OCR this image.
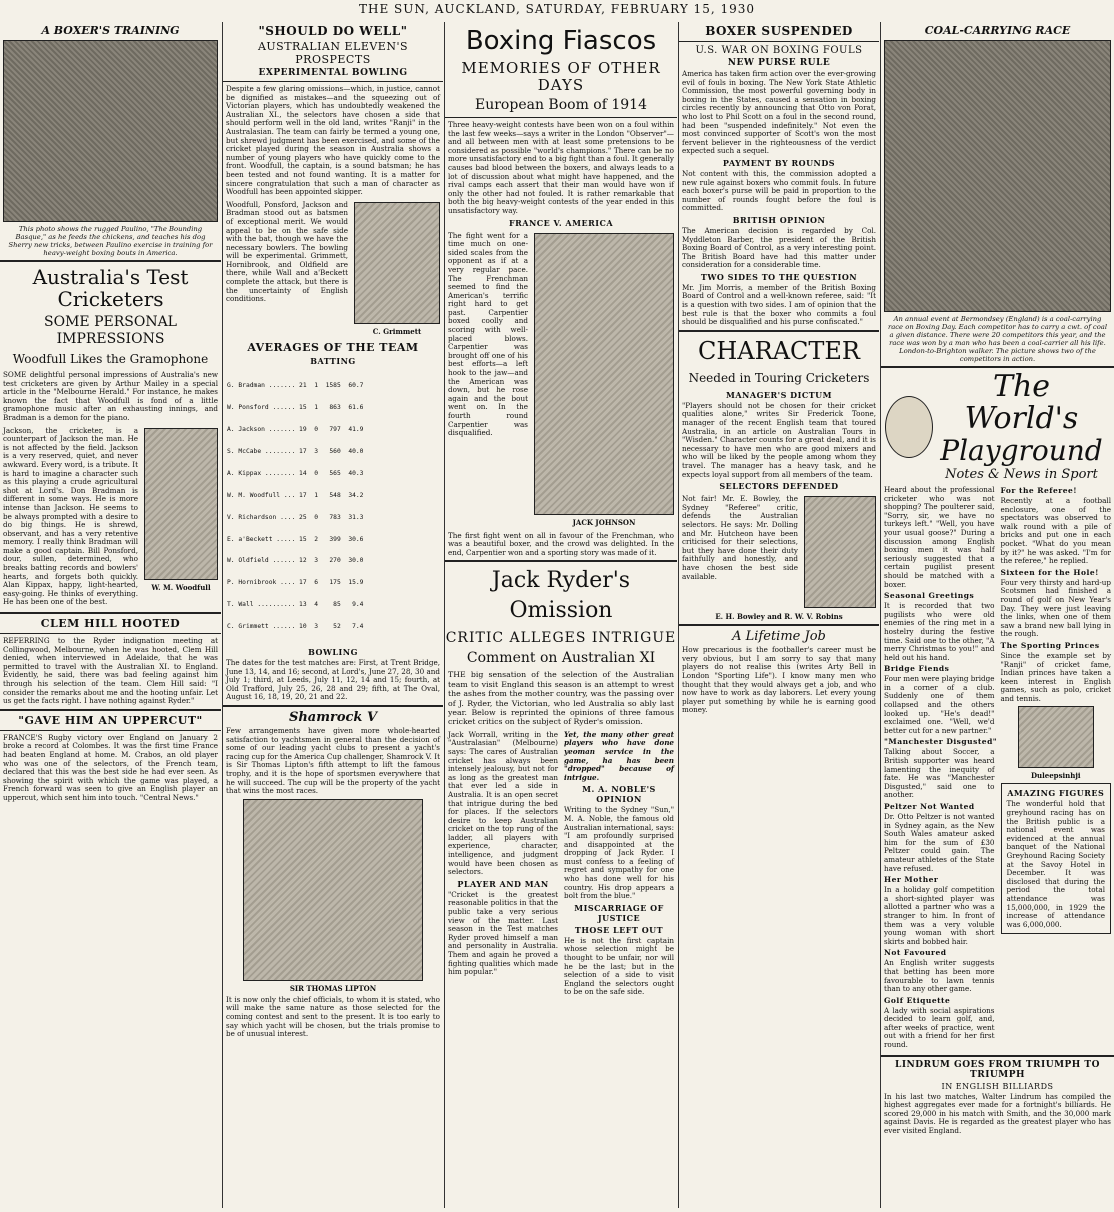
THE SUN, AUCKLAND, SATURDAY, FEBRUARY 15, 1930
A BOXER'S TRAINING
This photo shows the rugged Paulino, "The Bounding Basque," as he feeds the chickens, and teaches his dog Sherry new tricks, between Paulino exercise in training for heavy-weight boxing bouts in America.
Australia's Test Cricketers
SOME PERSONAL IMPRESSIONS
Woodfull Likes the Gramophone
SOME delightful personal impressions of Australia's new test cricketers are given by Arthur Mailey in a special article in the "Melbourne Herald." For instance, he makes known the fact that Woodfull is fond of a little gramophone music after an exhausting innings, and Bradman is a demon for the piano.
Jackson, the cricketer, is a counterpart of Jackson the man. He is not affected by the field. Jackson is a very reserved, quiet, and never awkward. Every word, is a tribute. It is hard to imagine a character such as this playing a crude agricultural shot at Lord's. Don Bradman is different in some ways. He is more intense than Jackson. He seems to be always prompted with a desire to do big things. He is shrewd, observant, and has a very retentive memory. I really think Bradman will make a good captain. Bill Ponsford, dour, sullen, determined, who breaks batting records and bowlers' hearts, and forgets both quickly. Alan Kippax, happy, light-hearted, easy-going. He thinks of everything. He has been one of the best.
W. M. Woodfull
CLEM HILL HOOTED
REFERRING to the Ryder indignation meeting at Collingwood, Melbourne, when he was hooted, Clem Hill denied, when interviewed in Adelaide, that he was permitted to travel with the Australian XI. to England. Evidently, he said, there was bad feeling against him through his selection of the team. Clem Hill said: "I consider the remarks about me and the hooting unfair. Let us get the facts right. I have nothing against Ryder."
"GAVE HIM AN UPPERCUT"
FRANCE'S Rugby victory over England on January 2 broke a record at Colombes. It was the first time France had beaten England at home. M. Crabos, an old player who was one of the selectors, of the French team, declared that this was the best side he had ever seen. As showing the spirit with which the game was played, a French forward was seen to give an English player an uppercut, which sent him into touch. "Central News."
"SHOULD DO WELL"
AUSTRALIAN ELEVEN'S PROSPECTS
EXPERIMENTAL BOWLING
Despite a few glaring omissions—which, in justice, cannot be dignified as mistakes—and the squeezing out of Victorian players, which has undoubtedly weakened the Australian XI., the selectors have chosen a side that should perform well in the old land, writes "Ranji" in the Australasian. The team can fairly be termed a young one, but shrewd judgment has been exercised, and some of the cricket played during the season in Australia shows a number of young players who have quickly come to the front. Woodfull, the captain, is a sound batsman; he has been tested and not found wanting. It is a matter for sincere congratulation that such a man of character as Woodfull has been appointed skipper.
Woodfull, Ponsford, Jackson and Bradman stood out as batsmen of exceptional merit. We would appeal to be on the safe side with the bat, though we have the necessary bowlers. The bowling will be experimental. Grimmett, Hornibrook, and Oldfield are there, while Wall and a'Beckett complete the attack, but there is the uncertainty of English conditions.
C. Grimmett
AVERAGES OF THE TEAM
BATTING

G. Bradman ....... 21  1  1585  60.7

W. Ponsford ...... 15  1   863  61.6

A. Jackson ....... 19  0   797  41.9

S. McCabe ........ 17  3   560  40.0

A. Kippax ........ 14  0   565  40.3

W. M. Woodfull ... 17  1   548  34.2

V. Richardson .... 25  0   783  31.3

E. a'Beckett ..... 15  2   399  30.6

W. Oldfield ...... 12  3   270  30.0

P. Hornibrook .... 17  6   175  15.9

T. Wall .......... 13  4    85   9.4

C. Grimmett ...... 10  3    52   7.4

BOWLING
The dates for the test matches are: First, at Trent Bridge, June 13, 14, and 16; second, at Lord's, June 27, 28, 30 and July 1; third, at Leeds, July 11, 12, 14 and 15; fourth, at Old Trafford, July 25, 26, 28 and 29; fifth, at The Oval, August 16, 18, 19, 20, 21 and 22.
Shamrock V
Few arrangements have given more whole-hearted satisfaction to yachtsmen in general than the decision of some of our leading yacht clubs to present a yacht's racing cup for the America Cup challenger, Shamrock V. It is Sir Thomas Lipton's fifth attempt to lift the famous trophy, and it is the hope of sportsmen everywhere that he will succeed. The cup will be the property of the yacht that wins the most races.
SIR THOMAS LIPTON
It is now only the chief officials, to whom it is stated, who will make the same nature as those selected for the coming contest and sent to the present. It is too early to say which yacht will be chosen, but the trials promise to be of unusual interest.
Boxing Fiascos
MEMORIES OF OTHER DAYS
European Boom of 1914
Three heavy-weight contests have been won on a foul within the last few weeks—says a writer in the London "Observer"—and all between men with at least some pretensions to be considered as possible "world's champions." There can be no more unsatisfactory end to a big fight than a foul. It generally causes bad blood between the boxers, and always leads to a lot of discussion about what might have happened, and the rival camps each assert that their man would have won if only the other had not fouled. It is rather remarkable that both the big heavy-weight contests of the year ended in this unsatisfactory way.
FRANCE V. AMERICA
The fight went for a time much on one-sided scales from the opponent as if at a very regular pace. The Frenchman seemed to find the American's terrific right hard to get past. Carpentier boxed coolly and scoring with well-placed blows. Carpentier was brought off one of his best efforts—a left hook to the jaw—and the American was down, but he rose again and the bout went on. In the fourth round Carpentier was disqualified.
JACK JOHNSON
The first fight went on all in favour of the Frenchman, who was a beautiful boxer, and the crowd was delighted. In the end, Carpentier won and a sporting story was made of it.
Jack Ryder's Omission
CRITIC ALLEGES INTRIGUE
Comment on Australian XI
THE big sensation of the selection of the Australian team to visit England this season is an attempt to wrest the ashes from the mother country, was the passing over of J. Ryder, the Victorian, who led Australia so ably last year. Below is reprinted the opinions of three famous cricket critics on the subject of Ryder's omission.
Jack Worrall, writing in the "Australasian" (Melbourne) says: The cares of Australian cricket has always been intensely jealousy, but not for as long as the greatest man that ever led a side in Australia. It is an open secret that intrigue during the bed for places. If the selectors desire to keep Australian cricket on the top rung of the ladder, all players with experience, character, intelligence, and judgment would have been chosen as selectors.
PLAYER AND MAN
"Cricket is the greatest reasonable politics in that the public take a very serious view of the matter. Last season in the Test matches Ryder proved himself a man and personality in Australia. Them and again he proved a fighting qualities which made him popular."
Yet, the many other great players who have done yeoman service in the game, ha has been "dropped" because of intrigue.
M. A. NOBLE'S OPINION
Writing to the Sydney "Sun," M. A. Noble, the famous old Australian international, says: "I am profoundly surprised and disappointed at the dropping of Jack Ryder. I must confess to a feeling of regret and sympathy for one who has done well for his country. His drop appears a bolt from the blue."
MISCARRIAGE OF JUSTICE
THOSE LEFT OUT
He is not the first captain whose selection might be thought to be unfair, nor will he be the last; but in the selection of a side to visit England the selectors ought to be on the safe side.
BOXER SUSPENDED
U.S. WAR ON BOXING FOULS
NEW PURSE RULE
America has taken firm action over the ever-growing evil of fouls in boxing. The New York State Athletic Commission, the most powerful governing body in boxing in the States, caused a sensation in boxing circles recently by announcing that Otto von Porat, who lost to Phil Scott on a foul in the second round, had been "suspended indefinitely." Not even the most convinced supporter of Scott's won the most fervent believer in the righteousness of the verdict expected such a sequel.
PAYMENT BY ROUNDS
Not content with this, the commission adopted a new rule against boxers who commit fouls. In future each boxer's purse will be paid in proportion to the number of rounds fought before the foul is committed.
BRITISH OPINION
The American decision is regarded by Col. Myddleton Barber, the president of the British Boxing Board of Control, as a very interesting point. The British Board have had this matter under consideration for a considerable time.
TWO SIDES TO THE QUESTION
Mr. Jim Morris, a member of the British Boxing Board of Control and a well-known referee, said: "It is a question with two sides. I am of opinion that the best rule is that the boxer who commits a foul should be disqualified and his purse confiscated."
CHARACTER
Needed in Touring Cricketers
MANAGER'S DICTUM
"Players should not be chosen for their cricket qualities alone," writes Sir Frederick Toone, manager of the recent English team that toured Australia, in an article on Australian Tours in "Wisden." Character counts for a great deal, and it is necessary to have men who are good mixers and who will be liked by the people among whom they travel. The manager has a heavy task, and he expects loyal support from all members of the team.
SELECTORS DEFENDED
Not fair! Mr. E. Bowley, the Sydney "Referee" critic, defends the Australian selectors. He says: Mr. Dolling and Mr. Hutcheon have been criticised for their selections, but they have done their duty faithfully and honestly, and have chosen the best side available.
E. H. Bowley and R. W. V. Robins
A Lifetime Job
How precarious is the footballer's career must be very obvious, but I am sorry to say that many players do not realise this (writes Arty Bell in London "Sporting Life"). I know many men who thought that they would always get a job, and who now have to work as day laborers. Let every young player put something by while he is earning good money.
COAL-CARRYING RACE
An annual event at Bermondsey (England) is a coal-carrying race on Boxing Day. Each competitor has to carry a cwt. of coal a given distance. There were 20 competitors this year, and the race was won by a man who has been a coal-carrier all his life. London-to-Brighton walker. The picture shows two of the competitors in action.
The World's
Playground
Notes & News in Sport
Heard about the professional cricketer who was not shopping? The poulterer said, "Sorry, sir, we have no turkeys left." "Well, you have your usual goose?" During a discussion among English boxing men it was half seriously suggested that a certain pugilist present should be matched with a boxer.
Seasonal Greetings
It is recorded that two pugilists who were old enemies of the ring met in a hostelry during the festive time. Said one to the other, "A merry Christmas to you!" and held out his hand.
Bridge Fiends
Four men were playing bridge in a corner of a club. Suddenly one of them collapsed and the others looked up. "He's dead!" exclaimed one. "Well, we'd better cut for a new partner."
"Manchester Disgusted"
Talking about Soccer, a British supporter was heard lamenting the inequity of fate. He was "Manchester Disgusted," said one to another.
Peltzer Not Wanted
Dr. Otto Peltzer is not wanted in Sydney again, as the New South Wales amateur asked him for the sum of £30 Peltzer could gain. The amateur athletes of the State have refused.
Her Mother
In a holiday golf competition a short-sighted player was allotted a partner who was a stranger to him. In front of them was a very voluble young woman with short skirts and bobbed hair.
Not Favoured
An English writer suggests that betting has been more favourable to lawn tennis than to any other game.
Golf Etiquette
A lady with social aspirations decided to learn golf, and, after weeks of practice, went out with a friend for her first round.
For the Referee!
Recently at a football enclosure, one of the spectators was observed to walk round with a pile of bricks and put one in each pocket. "What do you mean by it?" he was asked. "I'm for the referee," he replied.
Sixteen for the Hole!
Four very thirsty and hard-up Scotsmen had finished a round of golf on New Year's Day. They were just leaving the links, when one of them saw a brand new ball lying in the rough.
The Sporting Princes
Since the example set by "Ranji" of cricket fame, Indian princes have taken a keen interest in English games, such as polo, cricket and tennis.
Duleepsinhji
AMAZING FIGURES
The wonderful hold that greyhound racing has on the British public is a national event was evidenced at the annual banquet of the National Greyhound Racing Society at the Savoy Hotel in December. It was disclosed that during the period the total attendance was 15,000,000, in 1929 the increase of attendance was 6,000,000.
LINDRUM GOES FROM TRIUMPH TO TRIUMPH
IN ENGLISH BILLIARDS
In his last two matches, Walter Lindrum has compiled the highest aggregates ever made for a fortnight's billiards. He scored 29,000 in his match with Smith, and the 30,000 mark against Davis. He is regarded as the greatest player who has ever visited England.
